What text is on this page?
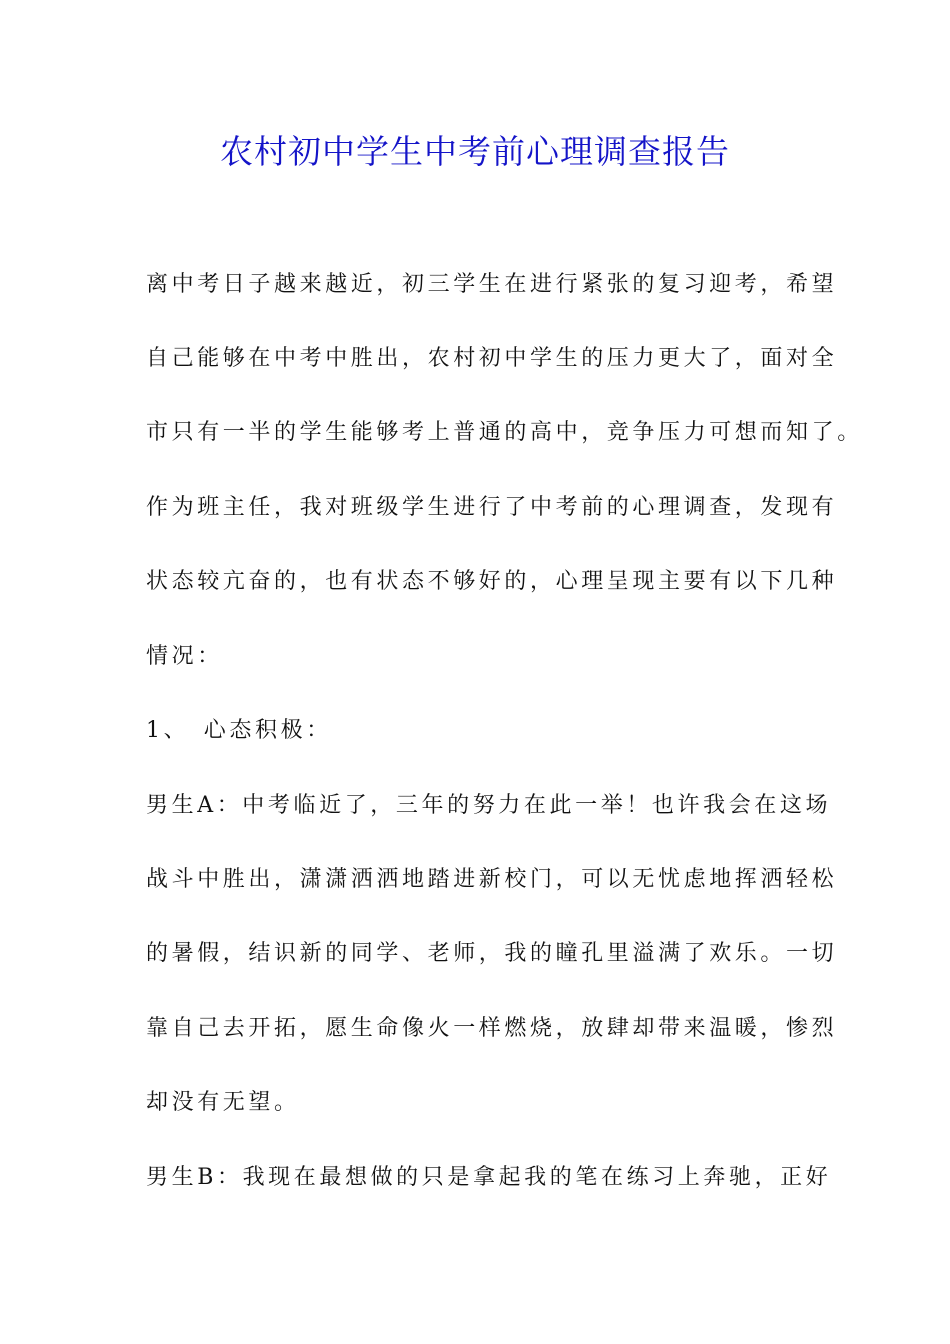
农村初中学生中考前心理调查报告

离中考日子越来越近，初三学生在进行紧张的复习迎考，希望

自己能够在中考中胜出，农村初中学生的压力更大了，面对全

市只有一半的学生能够考上普通的高中，竞争压力可想而知了。

作为班主任，我对班级学生进行了中考前的心理调查，发现有

状态较亢奋的，也有状态不够好的，心理呈现主要有以下几种

情况：

1、　心态积极：

男生A：中考临近了，三年的努力在此一举！也许我会在这场

战斗中胜出，潇潇洒洒地踏进新校门，可以无忧虑地挥洒轻松

的暑假，结识新的同学、老师，我的瞳孔里溢满了欢乐。一切

靠自己去开拓，愿生命像火一样燃烧，放肆却带来温暖，惨烈

却没有无望。

男生B：我现在最想做的只是拿起我的笔在练习上奔驰，正好
